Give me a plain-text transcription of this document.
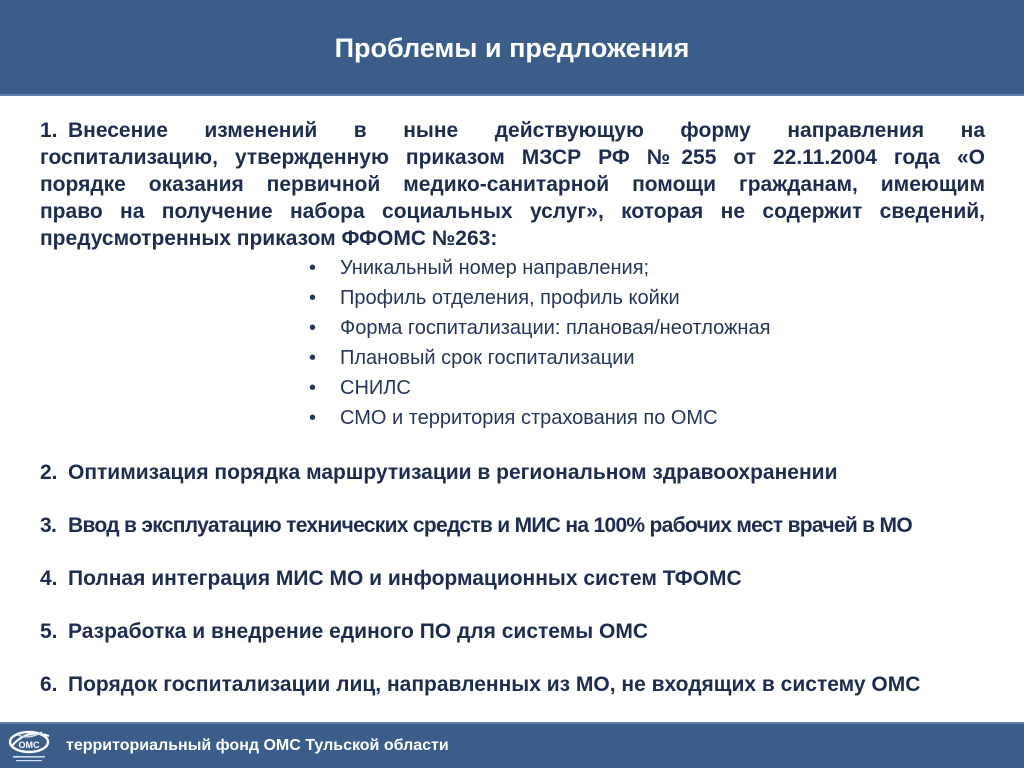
Проблемы и предложения
1. Внесение изменений в ныне действующую форму направления на
госпитализацию, утвержденную приказом МЗСР РФ №255 от 22.11.2004 года «О
порядке оказания первичной медико-санитарной помощи гражданам, имеющим
право на получение набора социальных услуг», которая не содержит сведений,
предусмотренных приказом ФФОМС №263:
•	Уникальный номер направления;
•	Профиль отделения, профиль койки
•	Форма госпитализации: плановая/неотложная
•	Плановый срок госпитализации
•	СНИЛС
•	СМО и территория страхования по ОМС
2. Оптимизация порядка маршрутизации в региональном здравоохранении
3. Ввод в эксплуатацию технических средств и МИС на 100% рабочих мест врачей в МО
4. Полная интеграция МИС МО и информационных систем ТФОМС
5. Разработка и внедрение единого ПО для системы ОМС
6. Порядок госпитализации лиц, направленных из МО, не входящих в систему ОМС
ОМС территориальный фонд ОМС Тульской области
